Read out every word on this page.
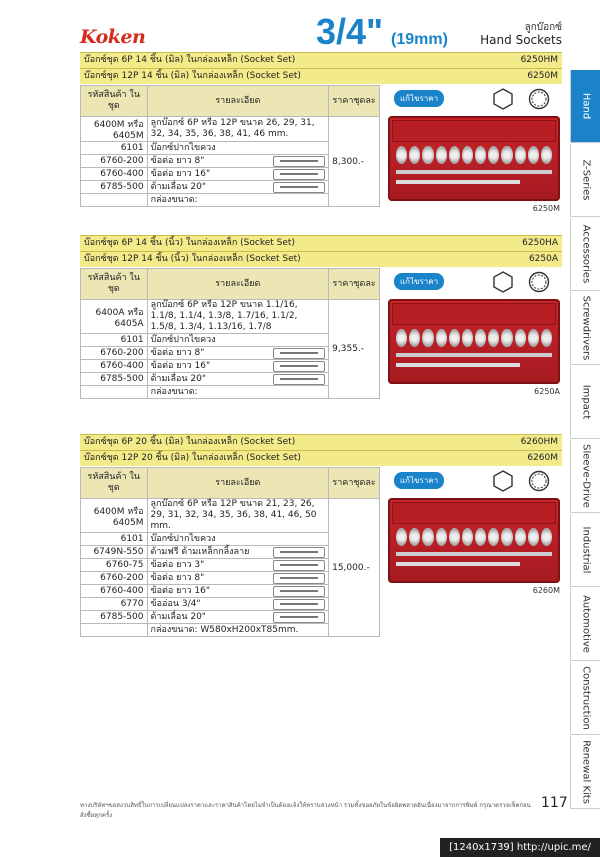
Koken	3/4" (19mm)
ลูกบ๊อกซ์
Hand Sockets
บ๊อกซ์ชุด 6P 14 ชิ้น (มิล) ในกล่องเหล็ก (Socket Set)	6250HM
บ๊อกซ์ชุด 12P 14 ชิ้น (มิล) ในกล่องเหล็ก (Socket Set)	6250M
รหัสสินค้า ในชุด	รายละเอียด	ราคาชุดละ
6400M หรือ 6405M	ลูกบ๊อกซ์ 6P หรือ 12P ขนาด 26, 29, 31, 32, 34, 35, 36, 38, 41, 46 mm.	8,300.-
6101	บ๊อกซ์ปากไขควง	

6760-200	ข้อต่อ ยาว 8"	

6760-400	ข้อต่อ ยาว 16"	

6785-500	ด้ามเลื่อน 20"	

	กล่องขนาด:	
แก้ไขราคา
6250M
บ๊อกซ์ชุด 6P 14 ชิ้น (นิ้ว) ในกล่องเหล็ก (Socket Set)	6250HA
บ๊อกซ์ชุด 12P 14 ชิ้น (นิ้ว) ในกล่องเหล็ก (Socket Set)	6250A
รหัสสินค้า ในชุด	รายละเอียด	ราคาชุดละ
6400A หรือ 6405A	ลูกบ๊อกซ์ 6P หรือ 12P ขนาด 1.1/16, 1.1/8, 1.1/4, 1.3/8, 1.7/16, 1.1/2, 1.5/8, 1.3/4, 1.13/16, 1.7/8	9,355.-
6101	บ๊อกซ์ปากไขควง	

6760-200	ข้อต่อ ยาว 8"	

6760-400	ข้อต่อ ยาว 16"	

6785-500	ด้ามเลื่อน 20"	

	กล่องขนาด:	
แก้ไขราคา
6250A
บ๊อกซ์ชุด 6P 20 ชิ้น (มิล) ในกล่องเหล็ก (Socket Set)	6260HM
บ๊อกซ์ชุด 12P 20 ชิ้น (มิล) ในกล่องเหล็ก (Socket Set)	6260M
รหัสสินค้า ในชุด	รายละเอียด	ราคาชุดละ
6400M หรือ 6405M	ลูกบ๊อกซ์ 6P หรือ 12P ขนาด 21, 23, 26, 29, 31, 32, 34, 35, 36, 38, 41, 46, 50 mm.	15,000.-
6101	บ๊อกซ์ปากไขควง	

6749N-550	ด้ามฟรี ด้ามเหล็กกลิ้งลาย	

6760-75	ข้อต่อ ยาว 3"	

6760-200	ข้อต่อ ยาว 8"	

6760-400	ข้อต่อ ยาว 16"	

6770	ข้ออ่อน 3/4"	

6785-500	ด้ามเลื่อน 20"	

	กล่องขนาด: W580xH200xT85mm.	
แก้ไขราคา
6260M
Hand
Z-Series
Accessories
Screwdrivers
Impact
Sleeve-Drive
Industrial
Automotive
Construction
Renewal Kits
ทางบริษัทฯขอสงวนสิทธิ์ในการเปลี่ยนแปลงราคาและราคาสินค้าโดยไม่จำเป็นต้องแจ้งให้ทราบล่วงหน้า รวมทั้งขออภัยในข้อผิดพลาดอันเนื่องมาจากการพิมพ์ กรุณาตรวจเช็คก่อนสั่งซื้อทุกครั้ง
117
[1240x1739] http://upic.me/
